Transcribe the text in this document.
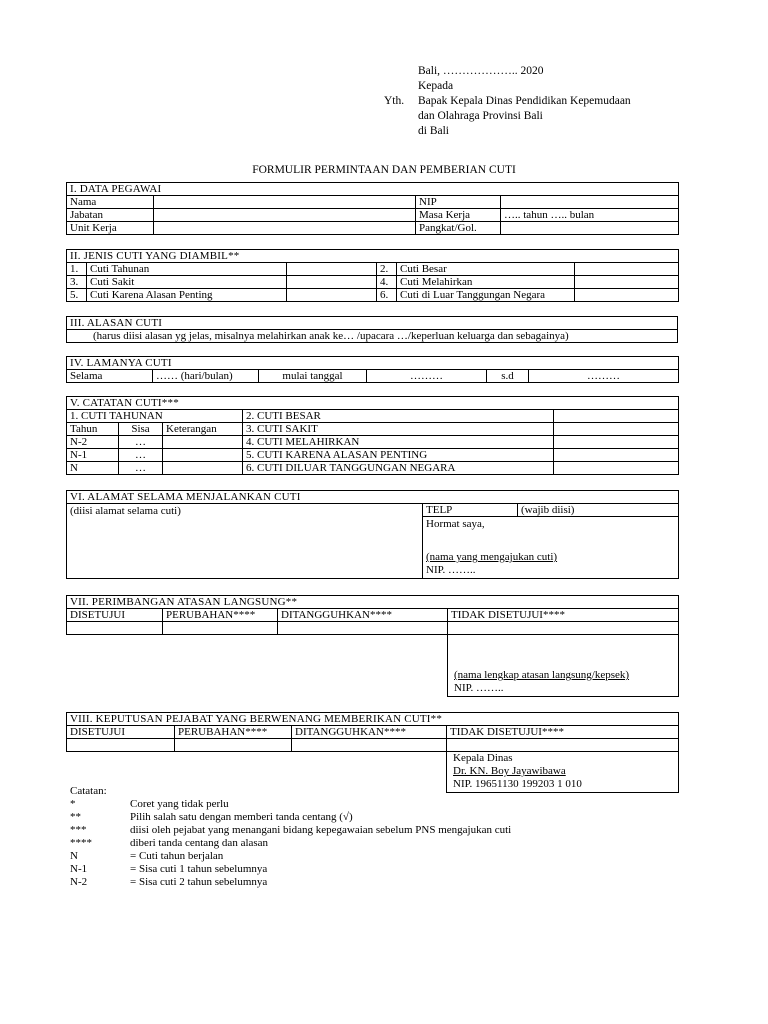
Bali, ……………….. 2020
Kepada
Yth. Bapak Kepala Dinas Pendidikan Kepemudaan
dan Olahraga Provinsi Bali
di Bali
FORMULIR PERMINTAAN DAN PEMBERIAN CUTI
I. DATA PEGAWAI			
Nama		NIP	
Jabatan		Masa Kerja	….. tahun ….. bulan
Unit Kerja		Pangkat/Gol.	
II. JENIS CUTI YANG DIAMBIL**					
1.	Cuti Tahunan		2.	Cuti Besar	
3.	Cuti Sakit		4.	Cuti Melahirkan	
5.	Cuti Karena Alasan Penting		6.	Cuti di Luar Tanggungan Negara	
III. ALASAN CUTI
(harus diisi alasan yg jelas, misalnya melahirkan anak ke… /upacara …/keperluan keluarga dan sebagainya)
IV. LAMANYA CUTI
Selama	…… (hari/bulan)	mulai tanggal	………	s.d	………
V. CATATAN CUTI***				
1. CUTI TAHUNAN			2. CUTI BESAR	
Tahun	Sisa	Keterangan	3. CUTI SAKIT	
N-2	…		4. CUTI MELAHIRKAN	
N-1	…		5. CUTI KARENA ALASAN PENTING	
N	…		6. CUTI DILUAR TANGGUNGAN NEGARA	
VI. ALAMAT SELAMA MENJALANKAN CUTI
(diisi alamat selama cuti)	TELP	(wajib diisi)

Hormat saya,
(nama yang mengajukan cuti)
NIP. ……..
VII. PERIMBANGAN ATASAN LANGSUNG**			
DISETUJUI	PERUBAHAN****	DITANGGUHKAN****	TIDAK DISETUJUI****

			(nama lengkap atasan langsung/kepsek)
NIP. ……..
VIII. KEPUTUSAN PEJABAT YANG BERWENANG MEMBERIKAN CUTI**			
DISETUJUI	PERUBAHAN****	DITANGGUHKAN****	TIDAK DISETUJUI****

			Kepala Dinas
Dr. KN. Boy Jayawibawa
NIP. 19651130 199203 1 010
Catatan:
*	Coret yang tidak perlu
**	Pilih salah satu dengan memberi tanda centang (√)
***	diisi oleh pejabat yang menangani bidang kepegawaian sebelum PNS mengajukan cuti
****	diberi tanda centang dan alasan
N	= Cuti tahun berjalan
N-1	= Sisa cuti 1 tahun sebelumnya
N-2	= Sisa cuti 2 tahun sebelumnya
